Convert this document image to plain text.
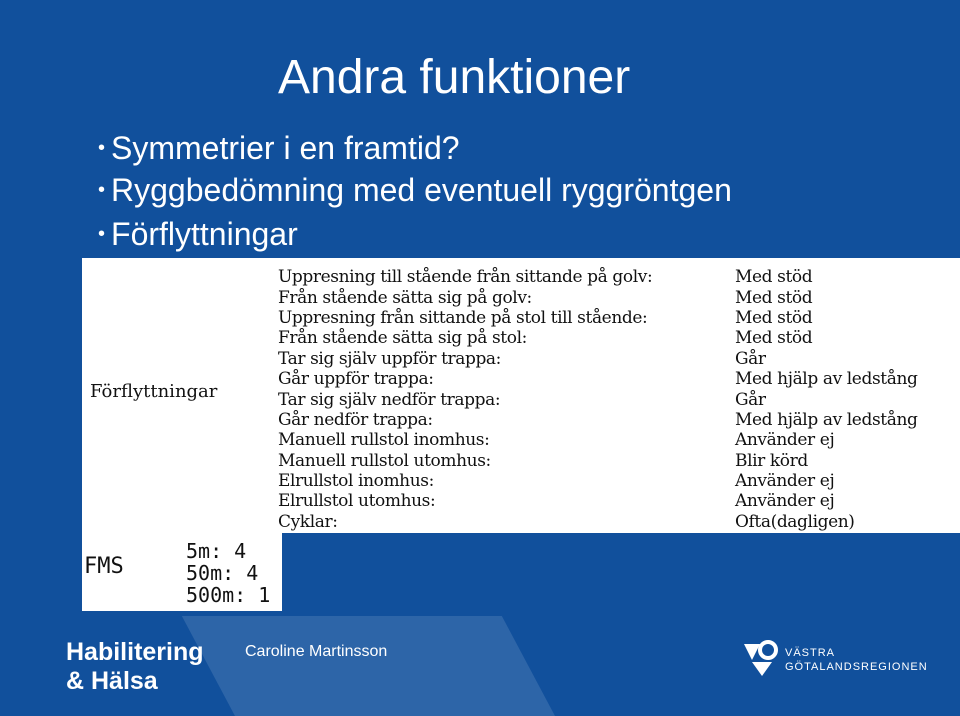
Andra funktioner
• Symmetrier i en framtid?
• Ryggbedömning med eventuell ryggröntgen
• Förflyttningar
Förflyttningar
Uppresning till stående från sittande på golv:	Med stöd
Från stående sätta sig på golv:	Med stöd
Uppresning från sittande på stol till stående:	Med stöd
Från stående sätta sig på stol:	Med stöd
Tar sig själv uppför trappa:	Går
Går uppför trappa:	Med hjälp av ledstång
Tar sig själv nedför trappa:	Går
Går nedför trappa:	Med hjälp av ledstång
Manuell rullstol inomhus:	Använder ej
Manuell rullstol utomhus:	Blir körd
Elrullstol inomhus:	Använder ej
Elrullstol utomhus:	Använder ej
Cyklar:	Ofta(dagligen)
FMS
5m: 4
50m: 4
500m: 1
Habilitering
& Hälsa
Caroline Martinsson	VÄSTRA
GÖTALANDSREGIONEN
